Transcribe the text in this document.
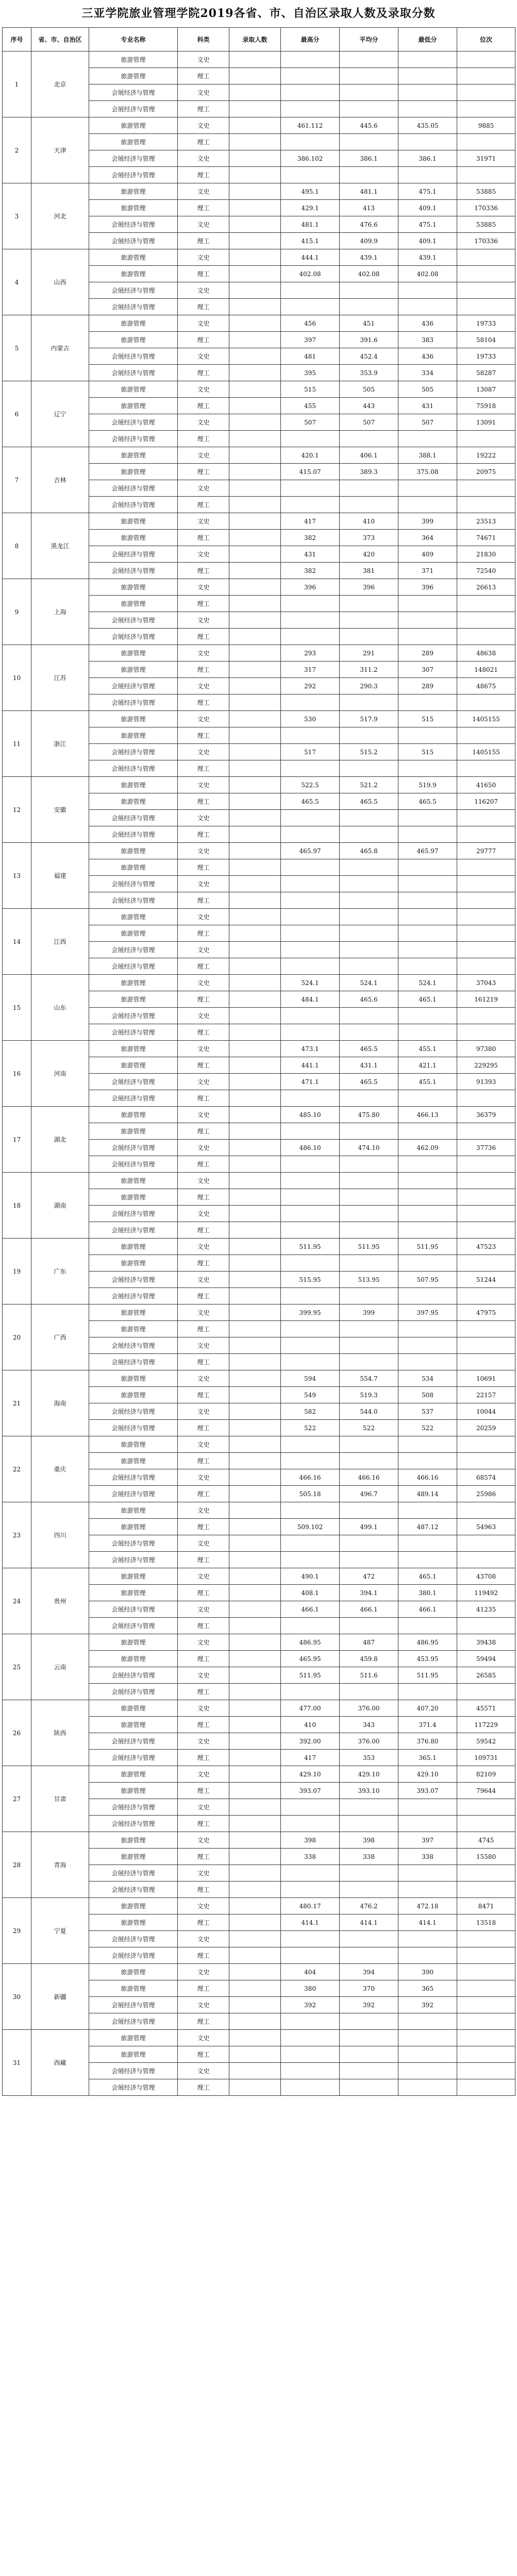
三亚学院旅业管理学院2019各省、市、自治区录取人数及录取分数
序号	省、市、自治区	专业名称	科类	录取人数	最高分	平均分	最低分	位次
1	北京	旅游管理	文史					
		旅游管理	理工					
		会展经济与管理	文史					
		会展经济与管理	理工					
2	天津	旅游管理	文史		461.112	445.6	435.05	9885
		旅游管理	理工					
		会展经济与管理	文史		386.102	386.1	386.1	31971
		会展经济与管理	理工					
3	河北	旅游管理	文史		495.1	481.1	475.1	53885
		旅游管理	理工		429.1	413	409.1	170336
		会展经济与管理	文史		481.1	476.6	475.1	53885
		会展经济与管理	理工		415.1	409.9	409.1	170336
4	山西	旅游管理	文史		444.1	439.1	439.1	
		旅游管理	理工		402.08	402.08	402.08	
		会展经济与管理	文史					
		会展经济与管理	理工					
5	内蒙古	旅游管理	文史		456	451	436	19733
		旅游管理	理工		397	391.6	383	58104
		会展经济与管理	文史		481	452.4	436	19733
		会展经济与管理	理工		395	353.9	334	58287
6	辽宁	旅游管理	文史		515	505	505	13087
		旅游管理	理工		455	443	431	75918
		会展经济与管理	文史		507	507	507	13091
		会展经济与管理	理工					
7	吉林	旅游管理	文史		420.1	406.1	388.1	19222
		旅游管理	理工		415.07	389.3	375.08	20975
		会展经济与管理	文史					
		会展经济与管理	理工					
8	黑龙江	旅游管理	文史		417	410	399	23513
		旅游管理	理工		382	373	364	74671
		会展经济与管理	文史		431	420	409	21830
		会展经济与管理	理工		382	381	371	72540
9	上海	旅游管理	文史		396	396	396	26613
		旅游管理	理工					
		会展经济与管理	文史					
		会展经济与管理	理工					
10	江苏	旅游管理	文史		293	291	289	48638
		旅游管理	理工		317	311.2	307	148021
		会展经济与管理	文史		292	290.3	289	48675
		会展经济与管理	理工					
11	浙江	旅游管理	文史		530	517.9	515	1405155
		旅游管理	理工					
		会展经济与管理	文史		517	515.2	515	1405155
		会展经济与管理	理工					
12	安徽	旅游管理	文史		522.5	521.2	519.9	41650
		旅游管理	理工		465.5	465.5	465.5	116207
		会展经济与管理	文史					
		会展经济与管理	理工					
13	福建	旅游管理	文史		465.97	465.8	465.97	29777
		旅游管理	理工					
		会展经济与管理	文史					
		会展经济与管理	理工					
14	江西	旅游管理	文史					
		旅游管理	理工					
		会展经济与管理	文史					
		会展经济与管理	理工					
15	山东	旅游管理	文史		524.1	524.1	524.1	37043
		旅游管理	理工		484.1	465.6	465.1	161219
		会展经济与管理	文史					
		会展经济与管理	理工					
16	河南	旅游管理	文史		473.1	465.5	455.1	97380
		旅游管理	理工		441.1	431.1	421.1	229295
		会展经济与管理	文史		471.1	465.5	455.1	91393
		会展经济与管理	理工					
17	湖北	旅游管理	文史		485.10	475.80	466.13	36379
		旅游管理	理工					
		会展经济与管理	文史		486.10	474.10	462.09	37736
		会展经济与管理	理工					
18	湖南	旅游管理	文史					
		旅游管理	理工					
		会展经济与管理	文史					
		会展经济与管理	理工					
19	广东	旅游管理	文史		511.95	511.95	511.95	47523
		旅游管理	理工					
		会展经济与管理	文史		515.95	513.95	507.95	51244
		会展经济与管理	理工					
20	广西	旅游管理	文史		399.95	399	397.95	47975
		旅游管理	理工					
		会展经济与管理	文史					
		会展经济与管理	理工					
21	海南	旅游管理	文史		594	554.7	534	10691
		旅游管理	理工		549	519.3	508	22157
		会展经济与管理	文史		582	544.0	537	10044
		会展经济与管理	理工		522	522	522	20259
22	重庆	旅游管理	文史					
		旅游管理	理工					
		会展经济与管理	文史		466.16	466.16	466.16	68574
		会展经济与管理	理工		505.18	496.7	489.14	25986
23	四川	旅游管理	文史					
		旅游管理	理工		509.102	499.1	487.12	54963
		会展经济与管理	文史					
		会展经济与管理	理工					
24	贵州	旅游管理	文史		490.1	472	465.1	43708
		旅游管理	理工		408.1	394.1	380.1	119492
		会展经济与管理	文史		466.1	466.1	466.1	41235
		会展经济与管理	理工					
25	云南	旅游管理	文史		486.95	487	486.95	39438
		旅游管理	理工		465.95	459.8	453.95	59494
		会展经济与管理	文史		511.95	511.6	511.95	26585
		会展经济与管理	理工					
26	陕西	旅游管理	文史		477.00	376.00	407.20	45571
		旅游管理	理工		410	343	371.4	117229
		会展经济与管理	文史		392.00	376.00	376.80	59542
		会展经济与管理	理工		417	353	365.1	109731
27	甘肃	旅游管理	文史		429.10	429.10	429.10	82109
		旅游管理	理工		393.07	393.10	393.07	79644
		会展经济与管理	文史					
		会展经济与管理	理工					
28	青海	旅游管理	文史		398	398	397	4745
		旅游管理	理工		338	338	338	15580
		会展经济与管理	文史					
		会展经济与管理	理工					
29	宁夏	旅游管理	文史		480.17	476.2	472.18	8471
		旅游管理	理工		414.1	414.1	414.1	13518
		会展经济与管理	文史					
		会展经济与管理	理工					
30	新疆	旅游管理	文史		404	394	390	
		旅游管理	理工		380	370	365	
		会展经济与管理	文史		392	392	392	
		会展经济与管理	理工					
31	西藏	旅游管理	文史					
		旅游管理	理工					
		会展经济与管理	文史					
		会展经济与管理	理工					
